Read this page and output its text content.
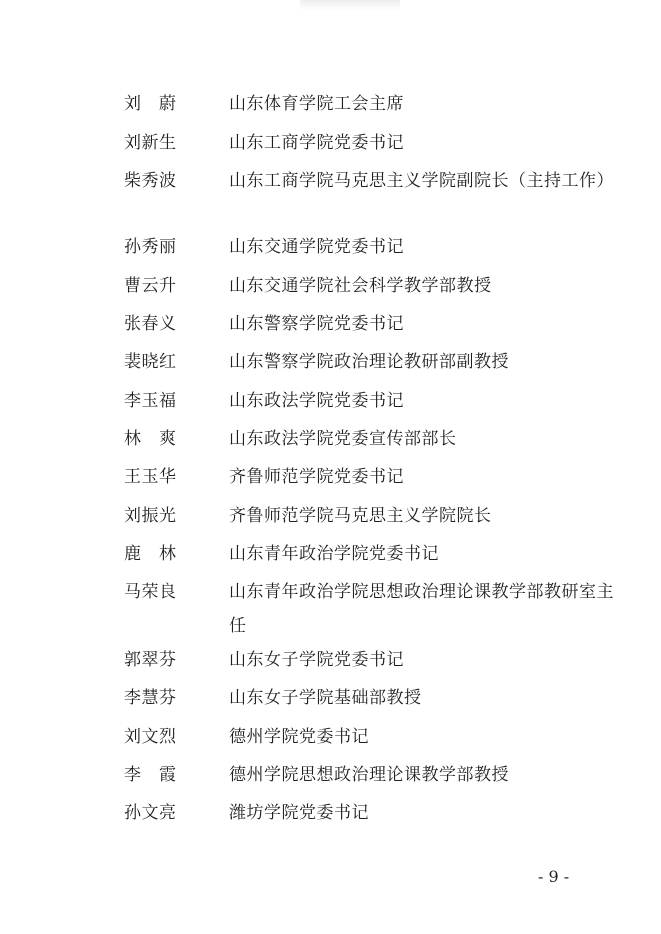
刘　蔚	山东体育学院工会主席
刘新生	山东工商学院党委书记
柴秀波	山东工商学院马克思主义学院副院长（主持工作）
孙秀丽	山东交通学院党委书记
曹云升	山东交通学院社会科学教学部教授
张春义	山东警察学院党委书记
裴晓红	山东警察学院政治理论教研部副教授
李玉福	山东政法学院党委书记
林　爽	山东政法学院党委宣传部部长
王玉华	齐鲁师范学院党委书记
刘振光	齐鲁师范学院马克思主义学院院长
鹿　林	山东青年政治学院党委书记
马荣良	山东青年政治学院思想政治理论课教学部教研室主任
郭翠芬	山东女子学院党委书记
李慧芬	山东女子学院基础部教授
刘文烈	德州学院党委书记
李　霞	德州学院思想政治理论课教学部教授
孙文亮	潍坊学院党委书记
- 9 -
